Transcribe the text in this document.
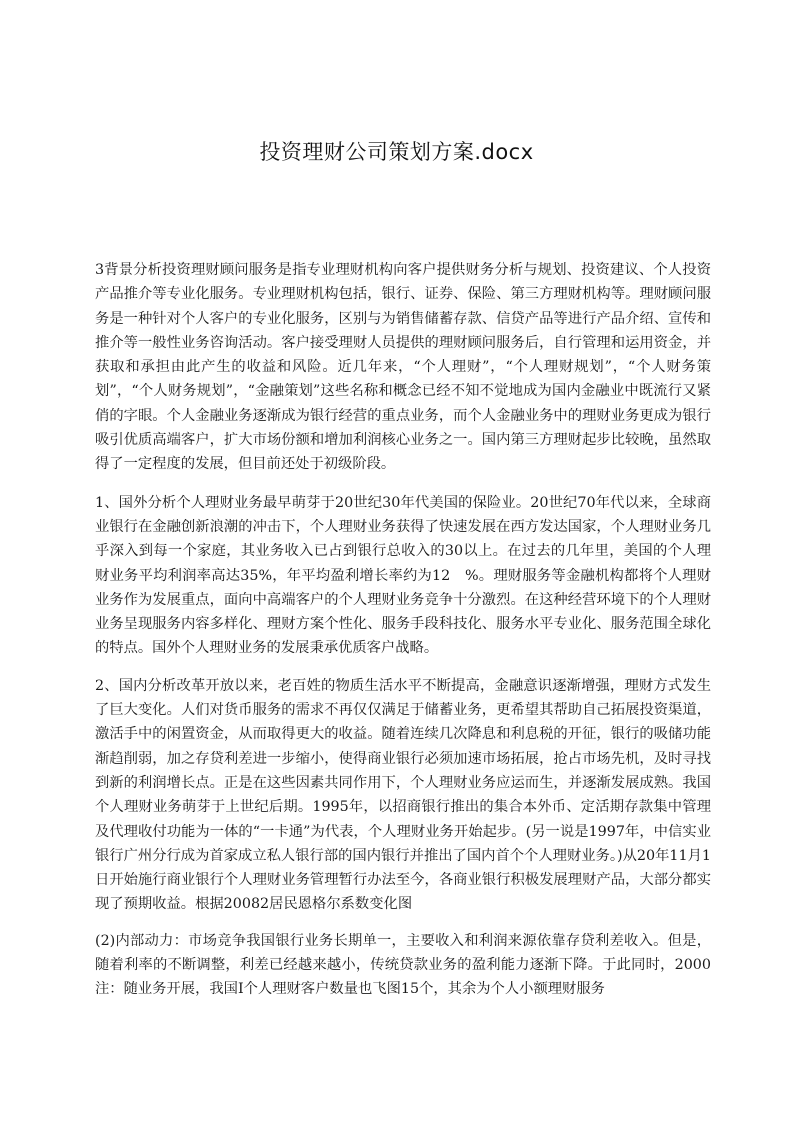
投资理财公司策划方案.docx

3背景分析投资理财顾问服务是指专业理财机构向客户提供财务分析与规划、投资建议、个人投资产品推介等专业化服务。专业理财机构包括，银行、证券、保险、第三方理财机构等。理财顾问服务是一种针对个人客户的专业化服务，区别与为销售储蓄存款、信贷产品等进行产品介绍、宣传和推介等一般性业务咨询活动。客户接受理财人员提供的理财顾问服务后，自行管理和运用资金，并获取和承担由此产生的收益和风险。近几年来，“个人理财”，“个人理财规划”，“个人财务策划”，“个人财务规划”，“金融策划”这些名称和概念已经不知不觉地成为国内金融业中既流行又紧俏的字眼。个人金融业务逐渐成为银行经营的重点业务，而个人金融业务中的理财业务更成为银行吸引优质高端客户，扩大市场份额和增加利润核心业务之一。国内第三方理财起步比较晚，虽然取得了一定程度的发展，但目前还处于初级阶段。

1、国外分析个人理财业务最早萌芽于20世纪30年代美国的保险业。20世纪70年代以来，全球商业银行在金融创新浪潮的冲击下，个人理财业务获得了快速发展在西方发达国家，个人理财业务几乎深入到每一个家庭，其业务收入已占到银行总收入的30以上。在过去的几年里，美国的个人理财业务平均利润率高达35%，年平均盈利增长率约为12　%。理财服务等金融机构都将个人理财业务作为发展重点，面向中高端客户的个人理财业务竞争十分激烈。在这种经营环境下的个人理财业务呈现服务内容多样化、理财方案个性化、服务手段科技化、服务水平专业化、服务范围全球化的特点。国外个人理财业务的发展秉承优质客户战略。

2、国内分析改革开放以来，老百姓的物质生活水平不断提高，金融意识逐渐增强，理财方式发生了巨大变化。人们对货币服务的需求不再仅仅满足于储蓄业务，更希望其帮助自己拓展投资渠道，激活手中的闲置资金，从而取得更大的收益。随着连续几次降息和利息税的开征，银行的吸储功能渐趋削弱，加之存贷利差进一步缩小，使得商业银行必须加速市场拓展，抢占市场先机，及时寻找到新的利润增长点。正是在这些因素共同作用下，个人理财业务应运而生，并逐渐发展成熟。我国个人理财业务萌芽于上世纪后期。1995年，以招商银行推出的集合本外币、定活期存款集中管理及代理收付功能为一体的“一卡通”为代表，个人理财业务开始起步。(另一说是1997年，中信实业银行广州分行成为首家成立私人银行部的国内银行并推出了国内首个个人理财业务。)从20年11月1日开始施行商业银行个人理财业务管理暂行办法至今，各商业银行积极发展理财产品，大部分都实现了预期收益。根据20082居民恩格尔系数变化图

(2)内部动力：市场竞争我国银行业务长期单一，主要收入和利润来源依靠存贷利差收入。但是，随着利率的不断调整，利差已经越来越小，传统贷款业务的盈利能力逐渐下降。于此同时，2000注：随业务开展，我国I个人理财客户数量也飞图15个，其余为个人小额理财服务
